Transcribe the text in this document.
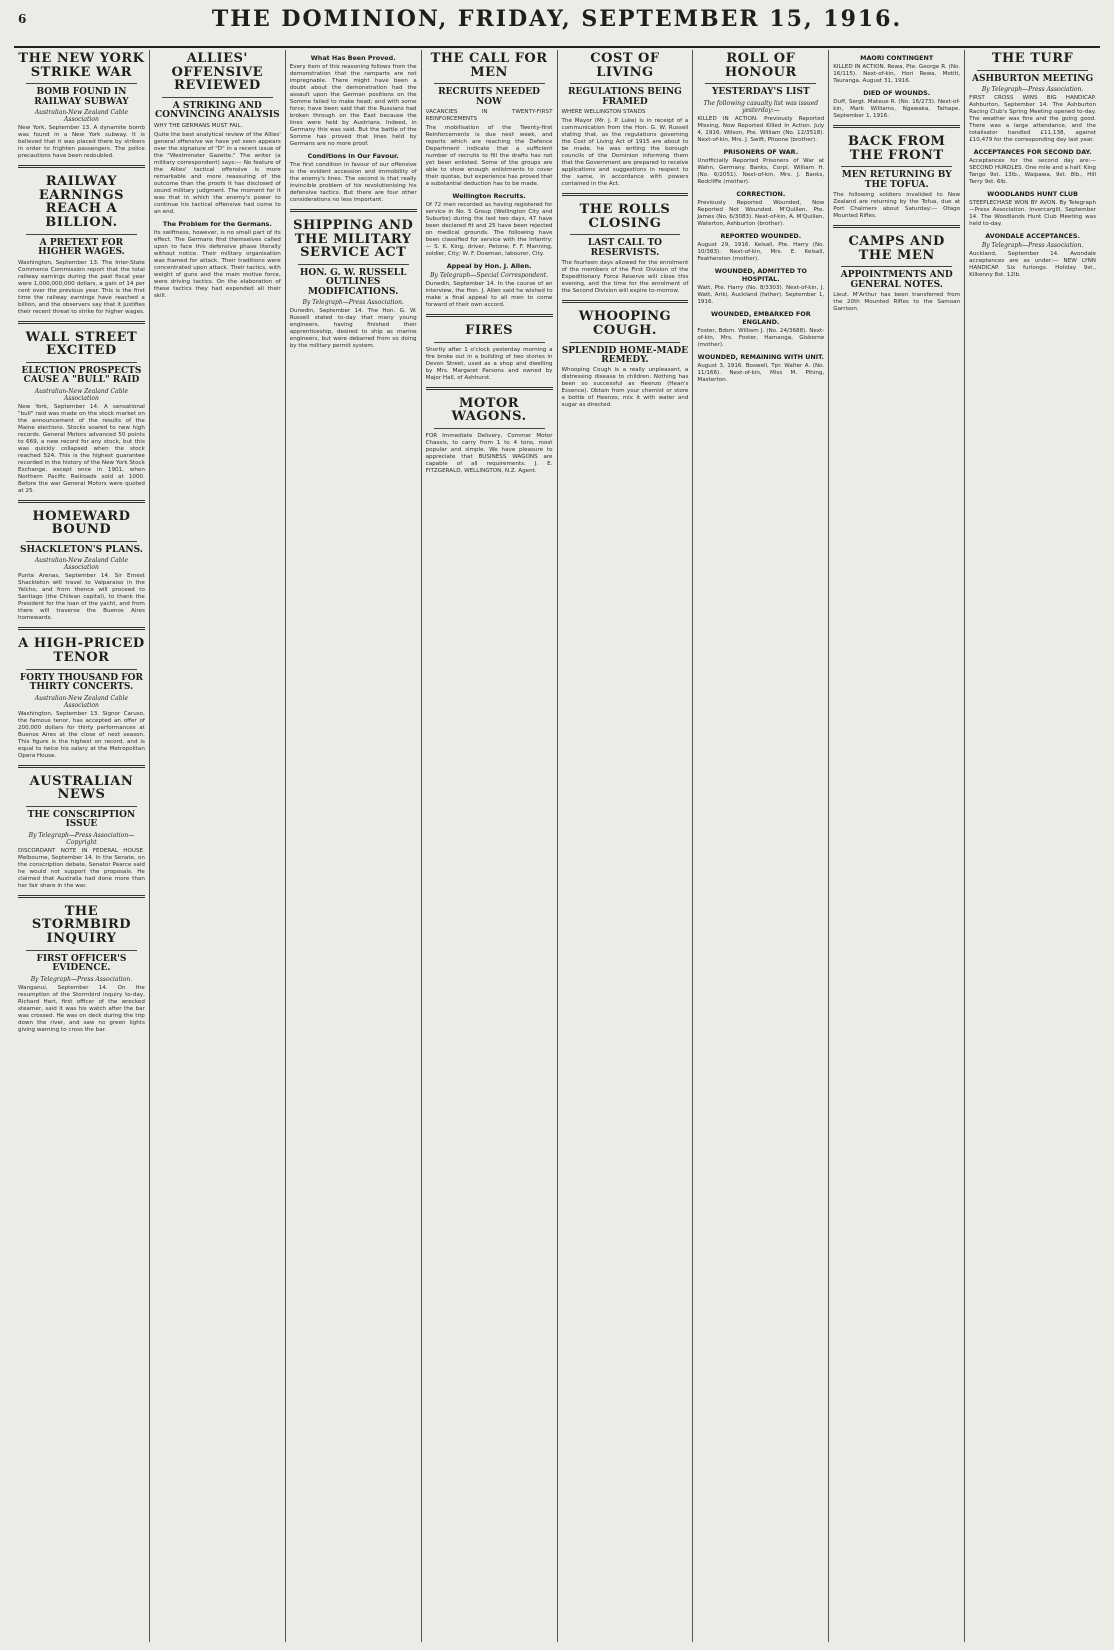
6	THE DOMINION, FRIDAY, SEPTEMBER 15, 1916.
THE NEW YORK STRIKE WAR
BOMB FOUND IN RAILWAY SUBWAY
Australian-New Zealand Cable Association

New York, September 13. A dynamite bomb was found in a New York subway. It is believed that it was placed there by strikers in order to frighten passengers. The police precautions have been redoubled.

RAILWAY EARNINGS REACH A BILLION.
A PRETEXT FOR HIGHER WAGES.

Washington, September 13. The Inter-State Commerce Commission report that the total railway earnings during the past fiscal year were 1,000,000,000 dollars, a gain of 14 per cent over the previous year. This is the first time the railway earnings have reached a billion, and the observers say that it justifies their recent threat to strike for higher wages.

WALL STREET EXCITED
ELECTION PROSPECTS CAUSE A "BULL" RAID
Australian-New Zealand Cable Association

New York, September 14. A sensational "bull" raid was made on the stock market on the announcement of the results of the Maine elections. Stocks soared to new high records. General Motors advanced 50 points to 669, a new record for any stock, but this was quickly collapsed when the stock reached 524. This is the highest guarantee recorded in the history of the New York Stock Exchange, except once in 1901, when Northern Pacific Railroads sold at 1000. Before the war General Motors were quoted at 25.

HOMEWARD BOUND
SHACKLETON'S PLANS.
Australian-New Zealand Cable Association

Punta Arenas, September 14. Sir Ernest Shackleton will travel to Valparaiso in the Yelcho, and from thence will proceed to Santiago (the Chilean capital), to thank the President for the loan of the yacht, and from there will traverse the Buenos Aires homewards.

A HIGH-PRICED TENOR
FORTY THOUSAND FOR THIRTY CONCERTS.
Australian-New Zealand Cable Association

Washington, September 13. Signor Caruso, the famous tenor, has accepted an offer of 200,000 dollars for thirty performances at Buenos Aires at the close of next season. This figure is the highest on record, and is equal to twice his salary at the Metropolitan Opera House.

AUSTRALIAN NEWS
THE CONSCRIPTION ISSUE
By Telegraph—Press Association—Copyright

DISCORDANT NOTE IN FEDERAL HOUSE. Melbourne, September 14. In the Senate, on the conscription debate, Senator Pearce said he would not support the proposals. He claimed that Australia had done more than her fair share in the war.

THE STORMBIRD INQUIRY
FIRST OFFICER'S EVIDENCE.
By Telegraph—Press Association.

Wanganui, September 14. On the resumption of the Stormbird inquiry to-day, Richard Hart, first officer of the wrecked steamer, said it was his watch after the bar was crossed. He was on deck during the trip down the river, and saw no green lights giving warning to cross the bar.

ALLIES' OFFENSIVE REVIEWED
A STRIKING AND CONVINCING ANALYSIS

WHY THE GERMANS MUST FAIL.

Quite the best analytical review of the Allies' general offensive we have yet seen appears over the signature of "D" in a recent issue of the "Westminster Gazette." The writer (a military correspondent) says:— No feature of the Allies' tactical offensive is more remarkable and more reassuring of the outcome than the proofs it has disclosed of sound military judgment. The moment for it was that in which the enemy's power to continue his tactical offensive had come to an end.

The Problem for the Germans.

Its swiftness, however, is no small part of its effect. The Germans find themselves called upon to face this defensive phase literally without notice. Their military organisation was framed for attack. Their traditions were concentrated upon attack. Their tactics, with weight of guns and the main motive force, were driving tactics. On the elaboration of these tactics they had expended all their skill.

What Has Been Proved.

Every item of this reasoning follows from the demonstration that the ramparts are not impregnable. There might have been a doubt about the demonstration had the assault upon the German positions on the Somme failed to make head; and with some force; have been said that the Russians had broken through on the East because the lines were held by Austrians. Indeed, in Germany this was said. But the battle of the Somme has proved that lines held by Germans are no more proof.

Conditions in Our Favour.

The first condition in favour of our offensive is the evident accession and immobility of the enemy's lines. The second is that really invincible problem of his revolutionising his defensive tactics. But there are four other considerations no less important.

SHIPPING AND THE MILITARY SERVICE ACT
HON. G. W. RUSSELL OUTLINES MODIFICATIONS.
By Telegraph—Press Association.

Dunedin, September 14. The Hon. G. W. Russell stated to-day that many young engineers, having finished their apprenticeship, desired to ship as marine engineers, but were debarred from so doing by the military permit system.

THE CALL FOR MEN
RECRUITS NEEDED NOW

VACANCIES IN TWENTY-FIRST REINFORCEMENTS

The mobilisation of the Twenty-first Reinforcements is due next week, and reports which are reaching the Defence Department indicate that a sufficient number of recruits to fill the drafts has not yet been enlisted. Some of the groups are able to show enough enlistments to cover their quotas, but experience has proved that a substantial deduction has to be made.

Wellington Recruits.

Of 72 men recorded as having registered for service in No. 5 Group (Wellington City and Suburbs) during the last two days, 47 have been declared fit and 25 have been rejected on medical grounds. The following have been classified for service with the Infantry:— S. K. King, driver, Petone; F. F. Manning, soldier, City; W. F. Dowman, labourer, City.

Appeal by Hon. J. Allen.
By Telegraph—Special Correspondent.

Dunedin, September 14. In the course of an interview, the Hon. J. Allen said he wished to make a final appeal to all men to come forward of their own accord.

FIRES

Shortly after 1 o'clock yesterday morning a fire broke out in a building of two stories in Devon Street, used as a shop and dwelling by Mrs. Margaret Parsons and owned by Major Hall, of Ashhurst.

MOTOR WAGONS.

FOR Immediate Delivery, Commer Motor Chassis, to carry from 1 to 4 tons, most popular and simple. We have pleasure to appreciate that BUSINESS WAGONS are capable of all requirements. J. E. FITZGERALD, WELLINGTON, N.Z. Agent.

COST OF LIVING
REGULATIONS BEING FRAMED

WHERE WELLINGTON STANDS

The Mayor (Mr. J. P. Luke) is in receipt of a communication from the Hon. G. W. Russell stating that, as the regulations governing the Cost of Living Act of 1915 are about to be made, he was writing the borough councils of the Dominion informing them that the Government are prepared to receive applications and suggestions in respect to the same, in accordance with powers contained in the Act.

THE ROLLS CLOSING
LAST CALL TO RESERVISTS.

The fourteen days allowed for the enrolment of the members of the First Division of the Expeditionary Force Reserve will close this evening, and the time for the enrolment of the Second Division will expire to-morrow.

WHOOPING COUGH.
SPLENDID HOME-MADE REMEDY.

Whooping Cough is a really unpleasant, a distressing disease to children. Nothing has been so successful as Heenzo (Hean's Essence). Obtain from your chemist or store a bottle of Heenzo, mix it with water and sugar as directed.

ROLL OF HONOUR
YESTERDAY'S LIST
The following casualty list was issued yesterday:—

KILLED IN ACTION. Previously Reported Missing, Now Reported Killed in Action. July 4, 1916. Wilson, Pte. William (No. 12/3518). Next-of-kin, Mrs. J. Swift, Pitoone (brother).

PRISONERS OF WAR.

Unofficially Reported Prisoners of War at Wahn, Germany. Banks, Corpl. William H. (No. 6/2051). Next-of-kin, Mrs. J. Banks, Redcliffe (mother).

CORRECTION.

Previously Reported Wounded, Now Reported Not Wounded. M'Quillen, Pte. James (No. 6/3083). Next-of-kin, A. M'Quillen, Waterton, Ashburton (brother).

REPORTED WOUNDED.

August 29, 1916. Kelsall, Pte. Harry (No. 10/383). Next-of-kin, Mrs. E. Kelsall, Featherston (mother).

WOUNDED, ADMITTED TO HOSPITAL.

Watt, Pte. Harry (No. 8/3303). Next-of-kin, J. Watt, Ariki, Auckland (father). September 1, 1916.

WOUNDED, EMBARKED FOR ENGLAND.

Foster, Bdsm. William J. (No. 24/3688). Next-of-kin, Mrs. Foster, Hamanga, Gisborne (mother).

WOUNDED, REMAINING WITH UNIT.

August 3, 1916. Boswell, Tpr. Walter A. (No. 11/166). Next-of-kin, Miss M. Pihing, Masterton.

MAORI CONTINGENT

KILLED IN ACTION. Rewa, Pte. George R. (No. 16/115). Next-of-kin, Hori Rewa, Motiti, Tauranga. August 31, 1916.

DIED OF WOUNDS.

Duff, Sergt. Mateue R. (No. 16/273). Next-of-kin, Mark Williams, Ngawaka, Taihape. September 1, 1916.

BACK FROM THE FRONT
MEN RETURNING BY THE TOFUA.

The following soldiers invalided to New Zealand are returning by the Tofua, due at Port Chalmers about Saturday:— Otago Mounted Rifles.

CAMPS AND THE MEN
APPOINTMENTS AND GENERAL NOTES.

Lieut. M'Arthur has been transferred from the 20th Mounted Rifles to the Samoan Garrison.

THE TURF
ASHBURTON MEETING
By Telegraph—Press Association.

FIRST CROSS WINS BIG HANDICAP. Ashburton, September 14. The Ashburton Racing Club's Spring Meeting opened to-day. The weather was fine and the going good. There was a large attendance, and the totalisator handled £11,138, against £10,479 for the corresponding day last year.

ACCEPTANCES FOR SECOND DAY.

Acceptances for the second day are:— SECOND HURDLES. One mile and a half. King Tango 9st. 13lb., Waipawa, 9st. 8lb., Hill Terry 9st. 6lb.

WOODLANDS HUNT CLUB

STEEPLECHASE WON BY AVON. By Telegraph—Press Association. Invercargill, September 14. The Woodlands Hunt Club Meeting was held to-day.

AVONDALE ACCEPTANCES.
By Telegraph—Press Association.

Auckland, September 14. Avondale acceptances are as under:— NEW LYNN HANDICAP. Six furlongs. Holiday 9st., Kilkenny 8st. 12lb.
